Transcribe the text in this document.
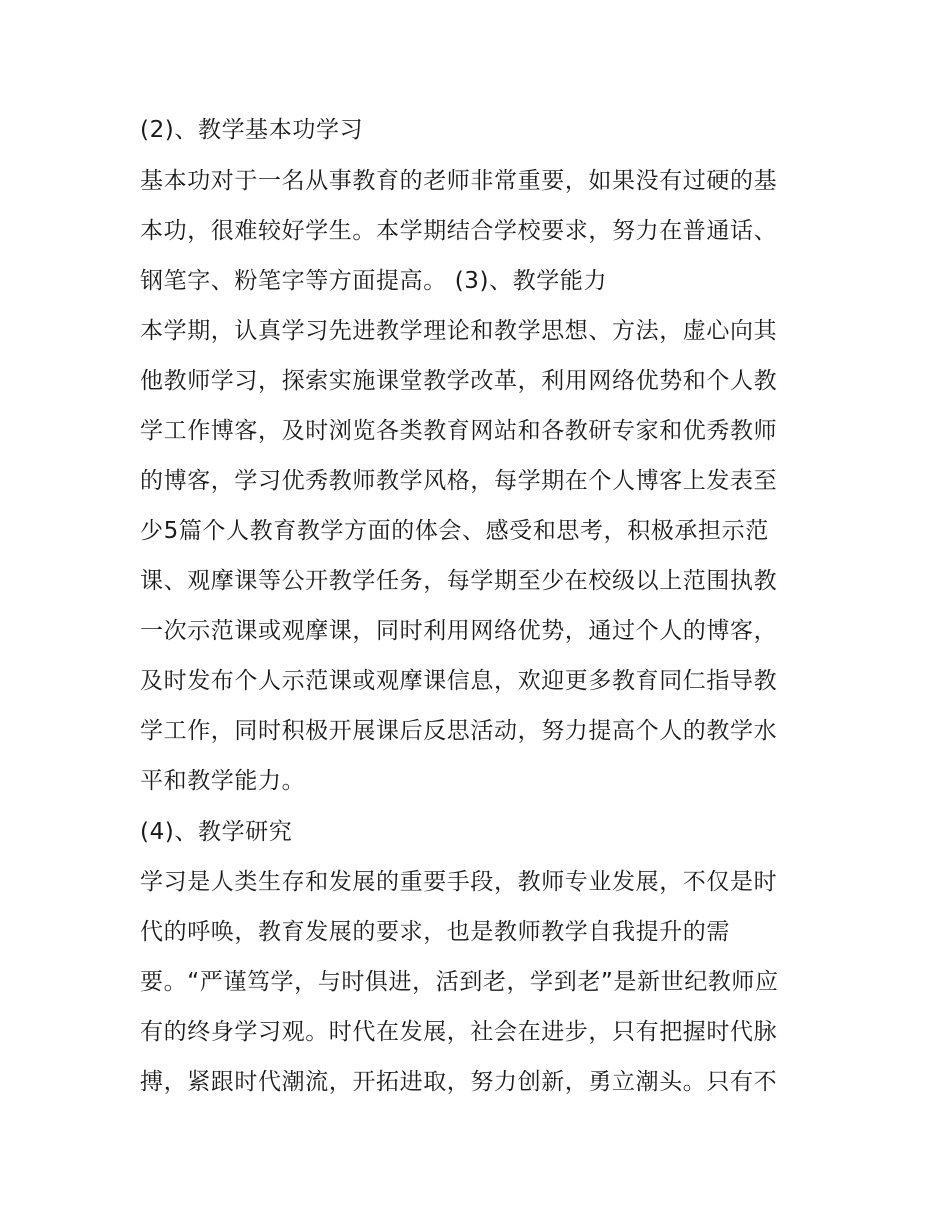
(2)、教学基本功学习
基本功对于一名从事教育的老师非常重要，如果没有过硬的基
本功，很难较好学生。本学期结合学校要求，努力在普通话、
钢笔字、粉笔字等方面提高。 (3)、教学能力
本学期，认真学习先进教学理论和教学思想、方法，虚心向其
他教师学习，探索实施课堂教学改革，利用网络优势和个人教
学工作博客，及时浏览各类教育网站和各教研专家和优秀教师
的博客，学习优秀教师教学风格，每学期在个人博客上发表至
少5篇个人教育教学方面的体会、感受和思考，积极承担示范
课、观摩课等公开教学任务，每学期至少在校级以上范围执教
一次示范课或观摩课，同时利用网络优势，通过个人的博客，
及时发布个人示范课或观摩课信息，欢迎更多教育同仁指导教
学工作，同时积极开展课后反思活动，努力提高个人的教学水
平和教学能力。
(4)、教学研究
学习是人类生存和发展的重要手段，教师专业发展，不仅是时
代的呼唤，教育发展的要求，也是教师教学自我提升的需
要。“严谨笃学，与时俱进，活到老，学到老”是新世纪教师应
有的终身学习观。时代在发展，社会在进步，只有把握时代脉
搏，紧跟时代潮流，开拓进取，努力创新，勇立潮头。只有不
